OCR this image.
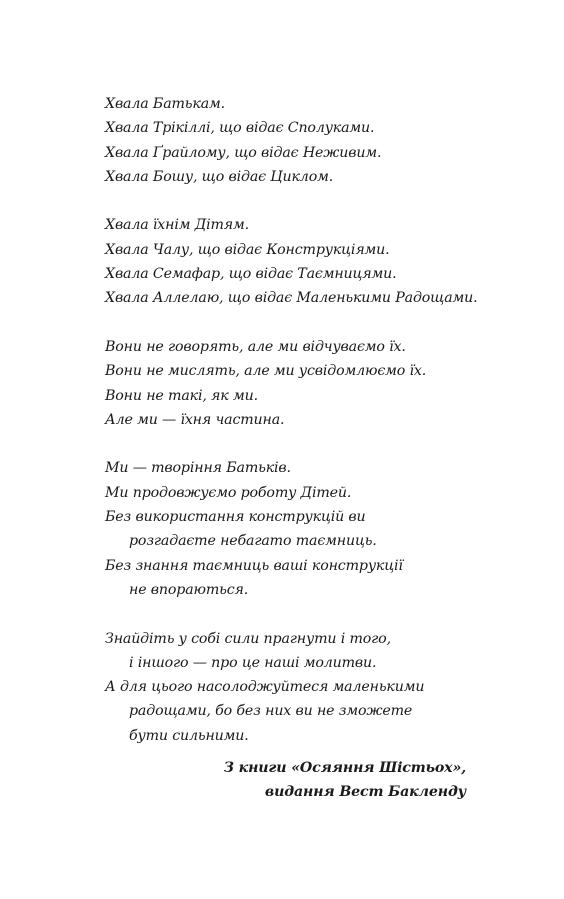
Хвала Батькам.
Хвала Трікіллі, що відає Сполуками.
Хвала Ґрайлому, що відає Неживим.
Хвала Бошу, що відає Циклом.
Хвала їхнім Дітям.
Хвала Чалу, що відає Конструкціями.
Хвала Семафар, що відає Таємницями.
Хвала Аллелаю, що відає Маленькими Радощами.
Вони не говорять, але ми відчуваємо їх.
Вони не мислять, але ми усвідомлюємо їх.
Вони не такі, як ми.
Але ми — їхня частина.
Ми — творіння Батьків.
Ми продовжуємо роботу Дітей.
Без використання конструкцій ви
розгадаєте небагато таємниць.
Без знання таємниць ваші конструкції
не впораються.
Знайдіть у собі сили прагнути і того,
і іншого — про це наші молитви.
А для цього насолоджуйтеся маленькими
радощами, бо без них ви не зможете
бути сильними.
З книги «Осяяння Шістьох»,
видання Вест Бакленду
